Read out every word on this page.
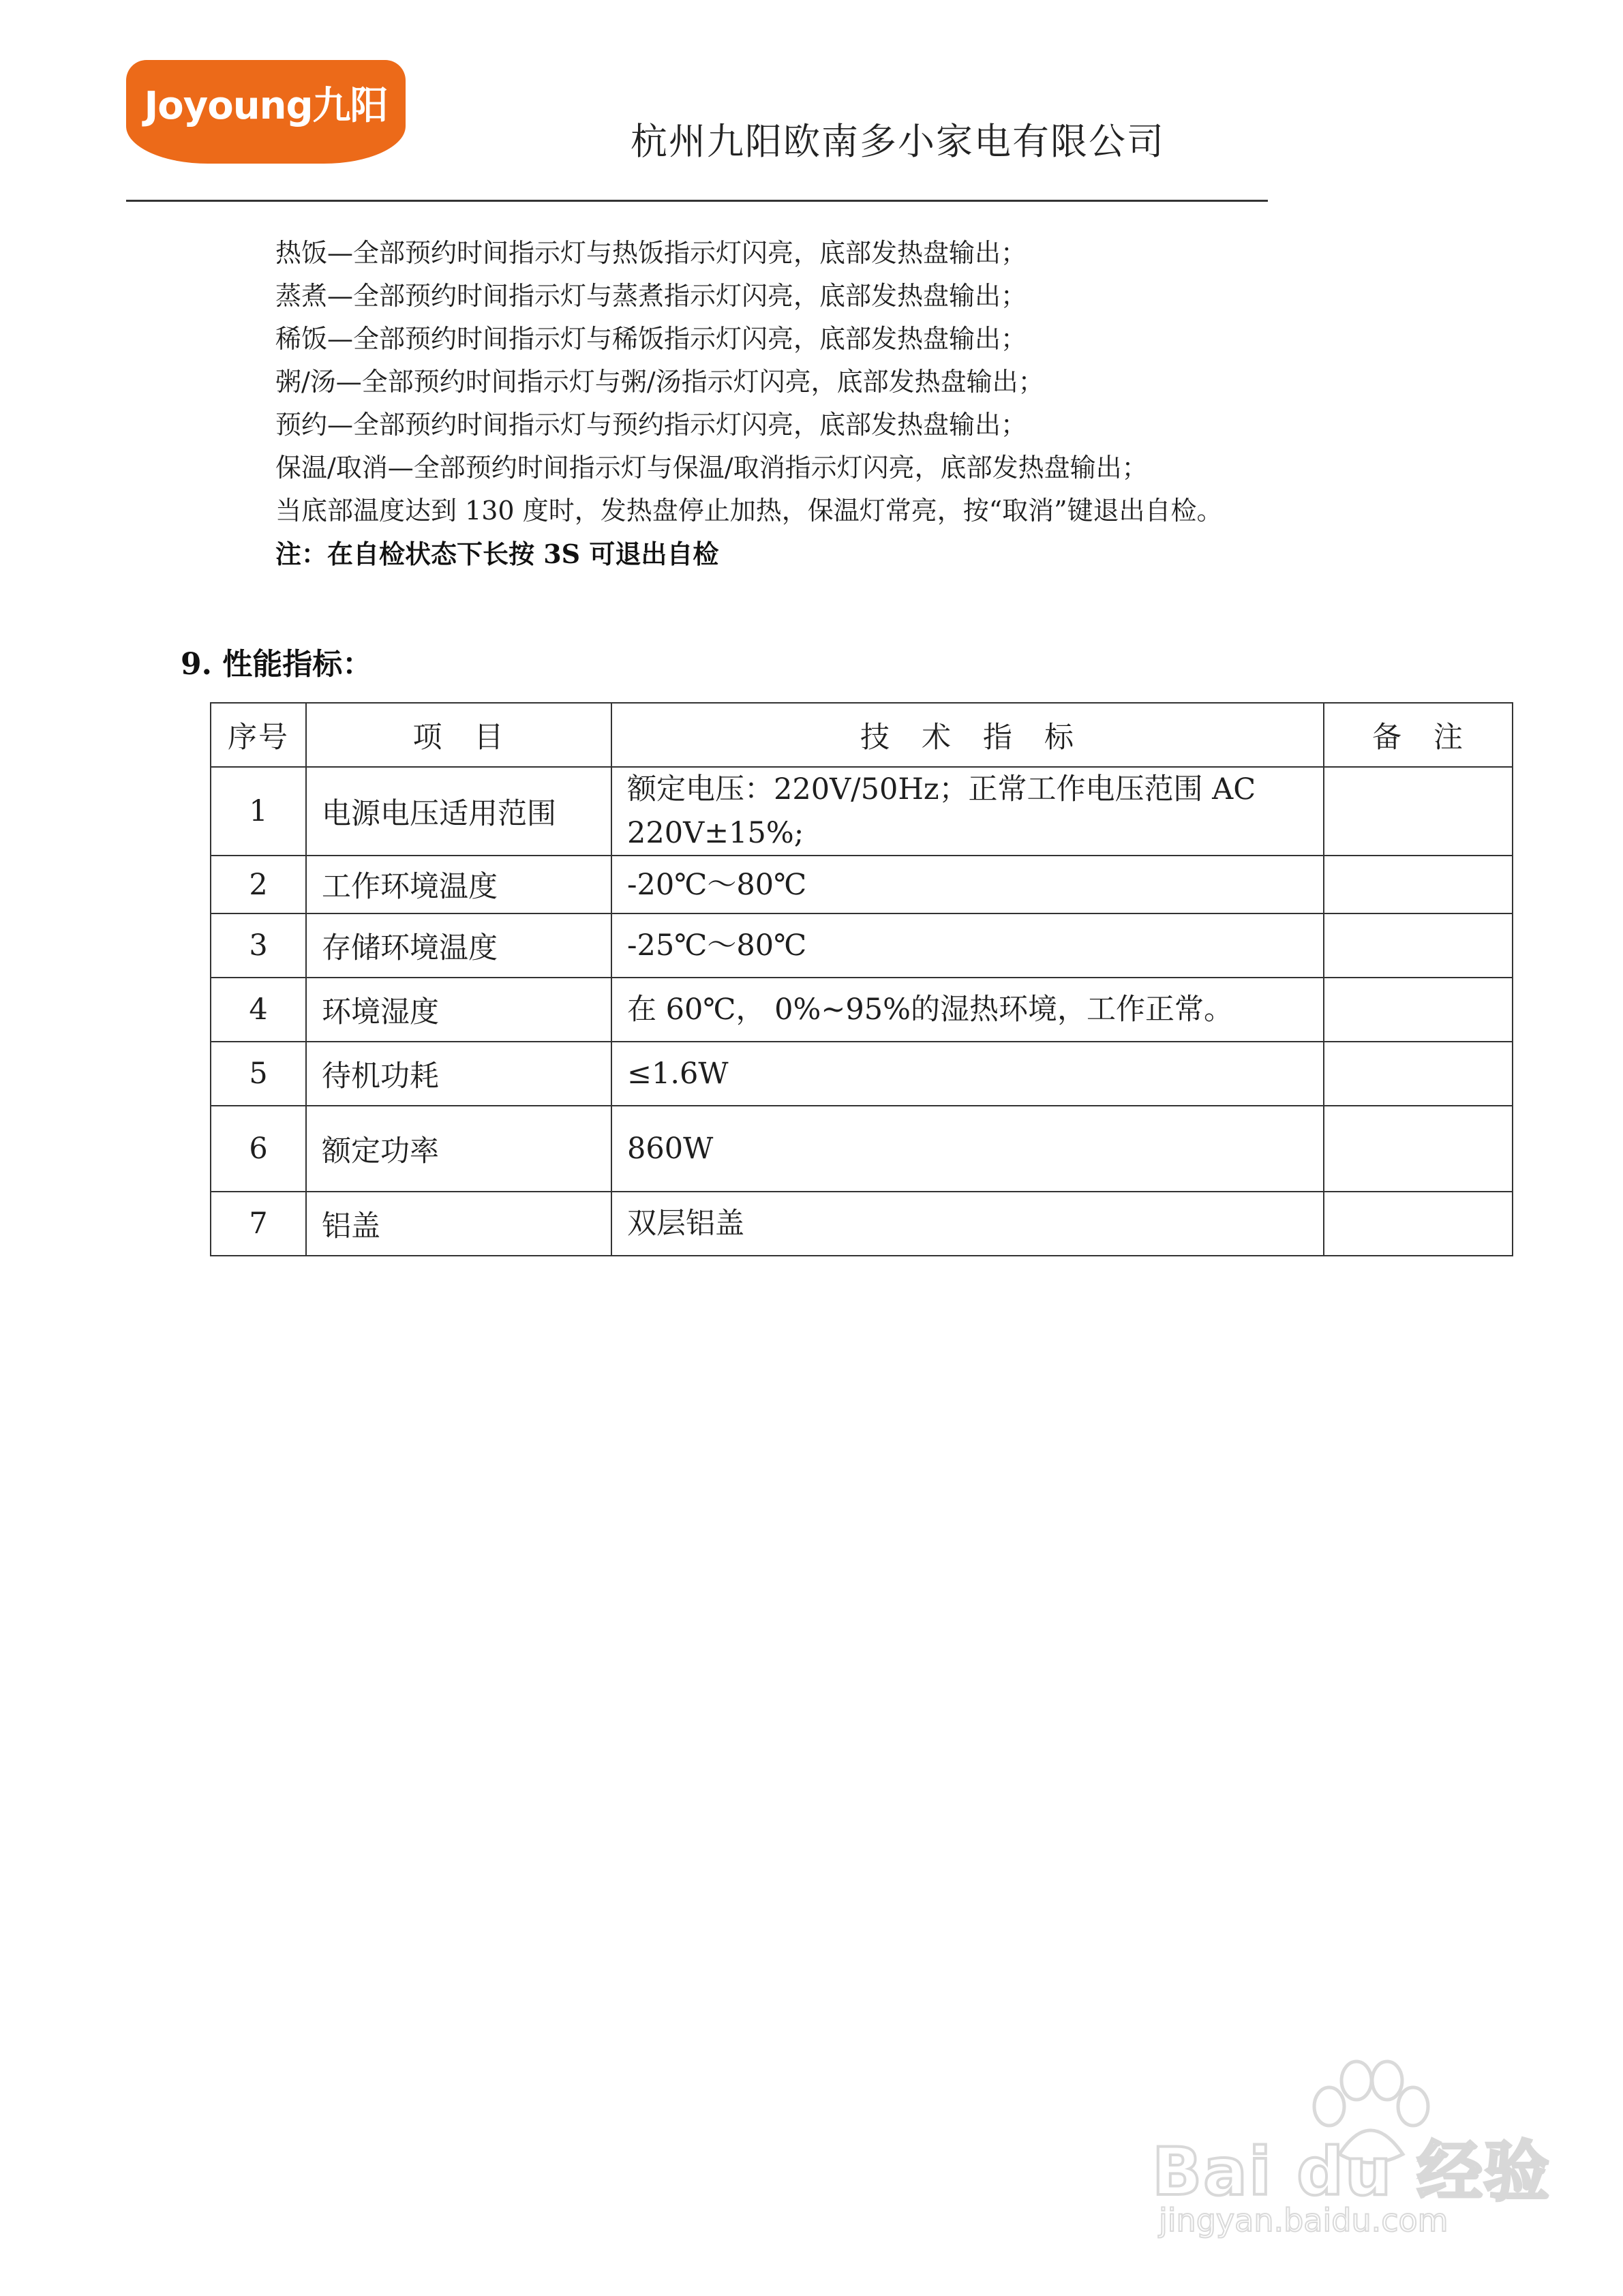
Joyoung九阳
杭州九阳欧南多小家电有限公司
热饭—全部预约时间指示灯与热饭指示灯闪亮，底部发热盘输出；
蒸煮—全部预约时间指示灯与蒸煮指示灯闪亮，底部发热盘输出；
稀饭—全部预约时间指示灯与稀饭指示灯闪亮，底部发热盘输出；
粥/汤—全部预约时间指示灯与粥/汤指示灯闪亮，底部发热盘输出；
预约—全部预约时间指示灯与预约指示灯闪亮，底部发热盘输出；
保温/取消—全部预约时间指示灯与保温/取消指示灯闪亮，底部发热盘输出；
当底部温度达到 130 度时，发热盘停止加热，保温灯常亮，按“取消”键退出自检。
注：在自检状态下长按 3S 可退出自检
9. 性能指标：
序号	项　目	技　术　指　标	备　注
1	电源电压适用范围	额定电压：220V/50Hz；正常工作电压范围 AC 220V±15%;	
2	工作环境温度	-20℃～80℃	
3	存储环境温度	-25℃～80℃	
4	环境湿度	在 60℃， 0%~95%的湿热环境，工作正常。	
5	待机功耗	≤1.6W	
6	额定功率	860W	
7	铝盖	双层铝盖	
Bai du 经验
jingyan.baidu.com
